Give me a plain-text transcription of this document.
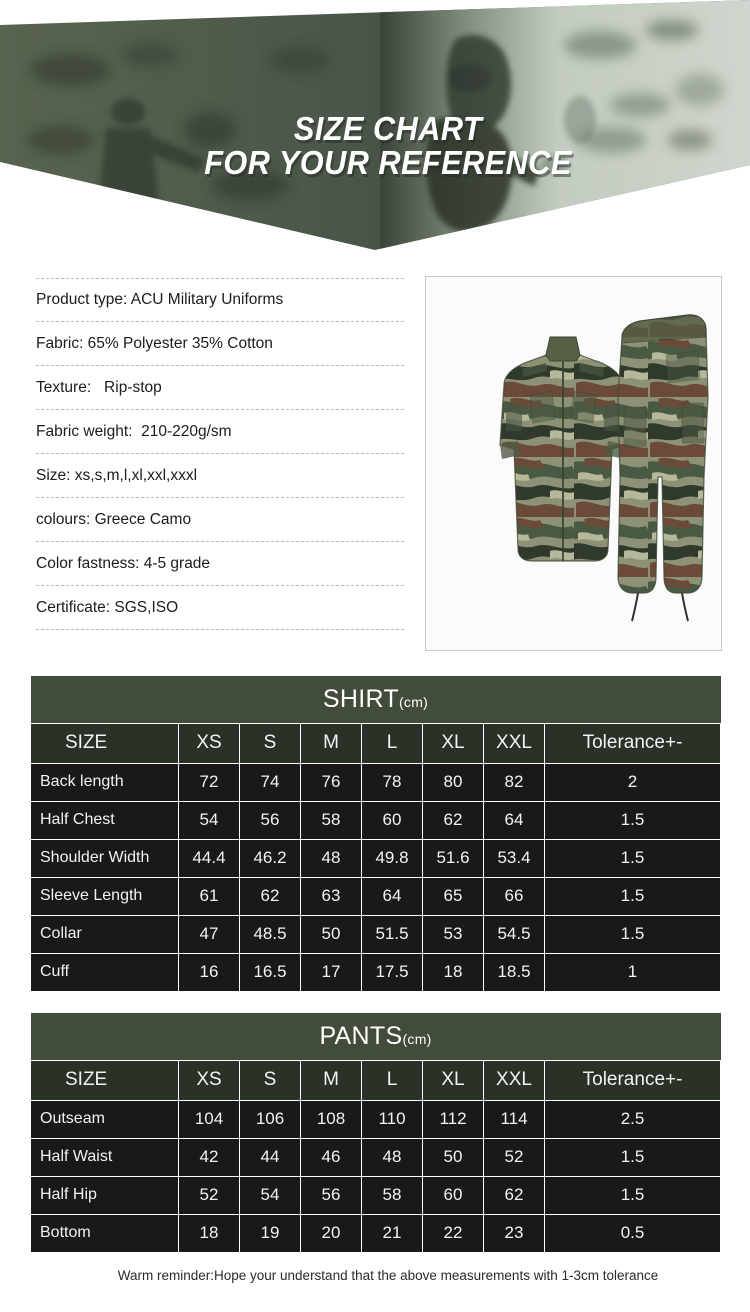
SIZE CHART
FOR YOUR REFERENCE
Product type: ACU Military Uniforms
Fabric: 65% Polyester 35% Cotton
Texture: Rip-stop
Fabric weight: 210-220g/sm
Size: xs,s,m,l,xl,xxl,xxxl
colours: Greece Camo
Color fastness: 4-5 grade
Certificate: SGS,ISO
SHIRT(cm)							
SIZE	XS	S	M	L	XL	XXL	Tolerance+-
Back length	72	74	76	78	80	82	2
Half Chest	54	56	58	60	62	64	1.5
Shoulder Width	44.4	46.2	48	49.8	51.6	53.4	1.5
Sleeve Length	61	62	63	64	65	66	1.5
Collar	47	48.5	50	51.5	53	54.5	1.5
Cuff	16	16.5	17	17.5	18	18.5	1
PANTS(cm)							
SIZE	XS	S	M	L	XL	XXL	Tolerance+-
Outseam	104	106	108	110	112	114	2.5
Half Waist	42	44	46	48	50	52	1.5
Half Hip	52	54	56	58	60	62	1.5
Bottom	18	19	20	21	22	23	0.5
Warm reminder:Hope your understand that the above measurements with 1-3cm tolerance
